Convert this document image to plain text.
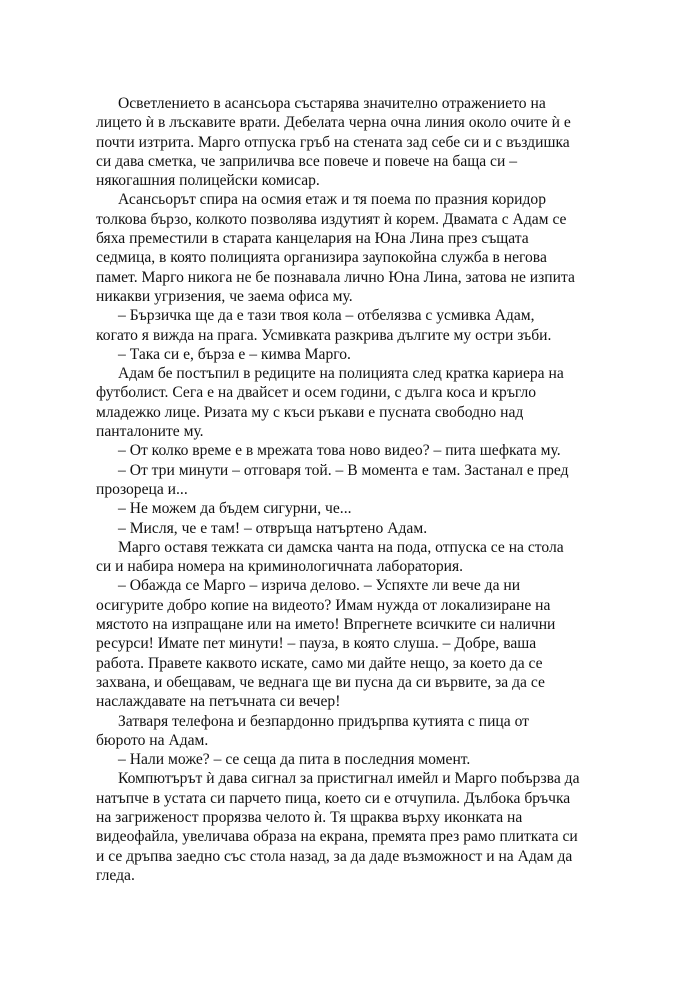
Осветлението в асансьора състарява значително отражението на
лицето ѝ в лъскавите врати. Дебелата черна очна линия около очите ѝ е
почти изтрита. Марго отпуска гръб на стената зад себе си и с въздишка
си дава сметка, че заприличва все повече и повече на баща си –
някогашния полицейски комисар.

Асансьорът спира на осмия етаж и тя поема по празния коридор
толкова бързо, колкото позволява издутият ѝ корем. Двамата с Адам се
бяха преместили в старата канцелария на Юна Лина през същата
седмица, в която полицията организира заупокойна служба в негова
памет. Марго никога не бе познавала лично Юна Лина, затова не изпита
никакви угризения, че заема офиса му.

– Бързичка ще да е тази твоя кола – отбелязва с усмивка Адам,
когато я вижда на прага. Усмивката разкрива дългите му остри зъби.

– Така си е, бърза е – кимва Марго.

Адам бе постъпил в редиците на полицията след кратка кариера на
футболист. Сега е на двайсет и осем години, с дълга коса и кръгло
младежко лице. Ризата му с къси ръкави е пусната свободно над
панталоните му.

– От колко време е в мрежата това ново видео? – пита шефката му.

– От три минути – отговаря той. – В момента е там. Застанал е пред
прозореца и...

– Не можем да бъдем сигурни, че...

– Мисля, че е там! – отвръща натъртено Адам.

Марго оставя тежката си дамска чанта на пода, отпуска се на стола
си и набира номера на криминологичната лаборатория.

– Обажда се Марго – изрича делово. – Успяхте ли вече да ни
осигурите добро копие на видеото? Имам нужда от локализиране на
мястото на изпращане или на името! Впрегнете всичките си налични
ресурси! Имате пет минути! – пауза, в която слуша. – Добре, ваша
работа. Правете каквото искате, само ми дайте нещо, за което да се
захвана, и обещавам, че веднага ще ви пусна да си вървите, за да се
наслаждавате на петъчната си вечер!

Затваря телефона и безпардонно придърпва кутията с пица от
бюрото на Адам.

– Нали може? – се сеща да пита в последния момент.

Компютърът ѝ дава сигнал за пристигнал имейл и Марго побързва да
натъпче в устата си парчето пица, което си е отчупила. Дълбока бръчка
на загриженост прорязва челото ѝ. Тя щраква върху иконката на
видеофайла, увеличава образа на екрана, премята през рамо плитката си
и се дръпва заедно със стола назад, за да даде възможност и на Адам да
гледа.
